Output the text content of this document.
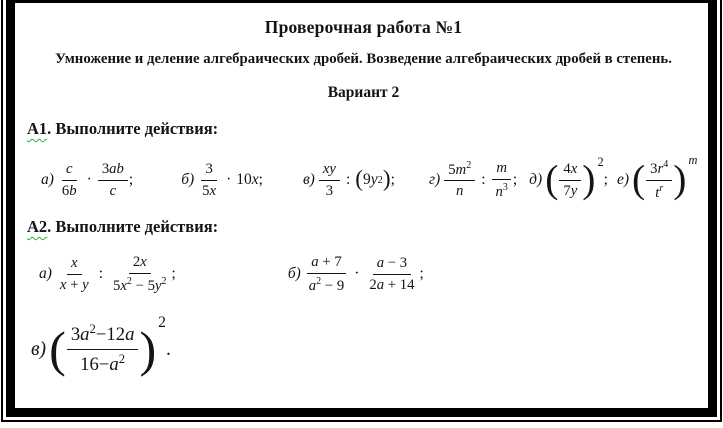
Проверочная работа №1
Умножение и деление алгебраических дробей. Возведение алгебраических дробей в степень.
Вариант 2
А1. Выполните действия:
$а) \frac{c}{6b} \cdot \frac{3ab}{c}$ ;	$б) \frac{3}{5x} \cdot 10$ x ;	$в) \frac{xy}{3}$ : ( 9 y 2 ) ; $г) \frac{5m^2}{n}$ : $\frac{m}{n^3}$ ; д) ( $\frac{4x}{7y}$ ) 2
; е) ( $\frac{3r^4}{t^r}$ ) m
А2. Выполните действия:
$а) \frac{x}{x + y}$ : $\frac{2x}{5x^2 - 5y^2}$ ;	$б) \frac{a + 7}{a^2 - 9} \cdot \frac{a - 3}{2a + 14}$ ;
в) ( $\frac{3a^2-12a}{16-a^2}$ ) 2
.
